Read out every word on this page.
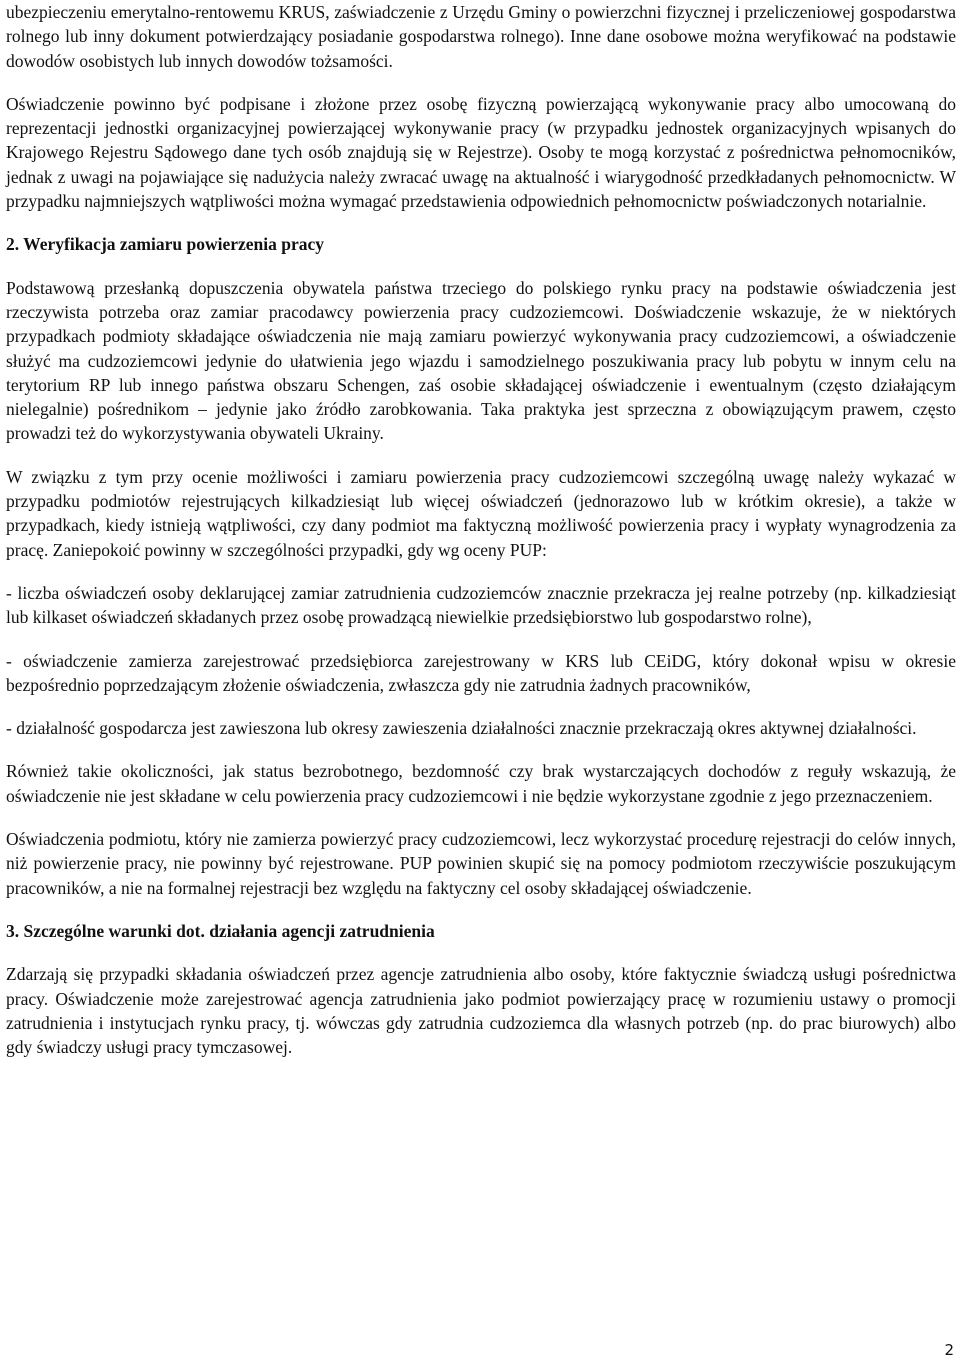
ubezpieczeniu emerytalno-rentowemu KRUS, zaświadczenie z Urzędu Gminy o powierzchni fizycznej i przeliczeniowej gospodarstwa rolnego lub inny dokument potwierdzający posiadanie gospodarstwa rolnego). Inne dane osobowe można weryfikować na podstawie dowodów osobistych lub innych dowodów tożsamości.

Oświadczenie powinno być podpisane i złożone przez osobę fizyczną powierzającą wykonywanie pracy albo umocowaną do reprezentacji jednostki organizacyjnej powierzającej wykonywanie pracy (w przypadku jednostek organizacyjnych wpisanych do Krajowego Rejestru Sądowego dane tych osób znajdują się w Rejestrze). Osoby te mogą korzystać z pośrednictwa pełnomocników, jednak z uwagi na pojawiające się nadużycia należy zwracać uwagę na aktualność i wiarygodność przedkładanych pełnomocnictw. W przypadku najmniejszych wątpliwości można wymagać przedstawienia odpowiednich pełnomocnictw poświadczonych notarialnie.

2. Weryfikacja zamiaru powierzenia pracy

Podstawową przesłanką dopuszczenia obywatela państwa trzeciego do polskiego rynku pracy na podstawie oświadczenia jest rzeczywista potrzeba oraz zamiar pracodawcy powierzenia pracy cudzoziemcowi. Doświadczenie wskazuje, że w niektórych przypadkach podmioty składające oświadczenia nie mają zamiaru powierzyć wykonywania pracy cudzoziemcowi, a oświadczenie służyć ma cudzoziemcowi jedynie do ułatwienia jego wjazdu i samodzielnego poszukiwania pracy lub pobytu w innym celu na terytorium RP lub innego państwa obszaru Schengen, zaś osobie składającej oświadczenie i ewentualnym (często działającym nielegalnie) pośrednikom – jedynie jako źródło zarobkowania. Taka praktyka jest sprzeczna z obowiązującym prawem, często prowadzi też do wykorzystywania obywateli Ukrainy.

W związku z tym przy ocenie możliwości i zamiaru powierzenia pracy cudzoziemcowi szczególną uwagę należy wykazać w przypadku podmiotów rejestrujących kilkadziesiąt lub więcej oświadczeń (jednorazowo lub w krótkim okresie), a także w przypadkach, kiedy istnieją wątpliwości, czy dany podmiot ma faktyczną możliwość powierzenia pracy i wypłaty wynagrodzenia za pracę. Zaniepokoić powinny w szczególności przypadki, gdy wg oceny PUP:

- liczba oświadczeń osoby deklarującej zamiar zatrudnienia cudzoziemców znacznie przekracza jej realne potrzeby (np. kilkadziesiąt lub kilkaset oświadczeń składanych przez osobę prowadzącą niewielkie przedsiębiorstwo lub gospodarstwo rolne),

- oświadczenie zamierza zarejestrować przedsiębiorca zarejestrowany w KRS lub CEiDG, który dokonał wpisu w okresie bezpośrednio poprzedzającym złożenie oświadczenia, zwłaszcza gdy nie zatrudnia żadnych pracowników,

- działalność gospodarcza jest zawieszona lub okresy zawieszenia działalności znacznie przekraczają okres aktywnej działalności.

Również takie okoliczności, jak status bezrobotnego, bezdomność czy brak wystarczających dochodów z reguły wskazują, że oświadczenie nie jest składane w celu powierzenia pracy cudzoziemcowi i nie będzie wykorzystane zgodnie z jego przeznaczeniem.

Oświadczenia podmiotu, który nie zamierza powierzyć pracy cudzoziemcowi, lecz wykorzystać procedurę rejestracji do celów innych, niż powierzenie pracy, nie powinny być rejestrowane. PUP powinien skupić się na pomocy podmiotom rzeczywiście poszukującym pracowników, a nie na formalnej rejestracji bez względu na faktyczny cel osoby składającej oświadczenie.

3. Szczególne warunki dot. działania agencji zatrudnienia

Zdarzają się przypadki składania oświadczeń przez agencje zatrudnienia albo osoby, które faktycznie świadczą usługi pośrednictwa pracy. Oświadczenie może zarejestrować agencja zatrudnienia jako podmiot powierzający pracę w rozumieniu ustawy o promocji zatrudnienia i instytucjach rynku pracy, tj. wówczas gdy zatrudnia cudzoziemca dla własnych potrzeb (np. do prac biurowych) albo gdy świadczy usługi pracy tymczasowej.

2
